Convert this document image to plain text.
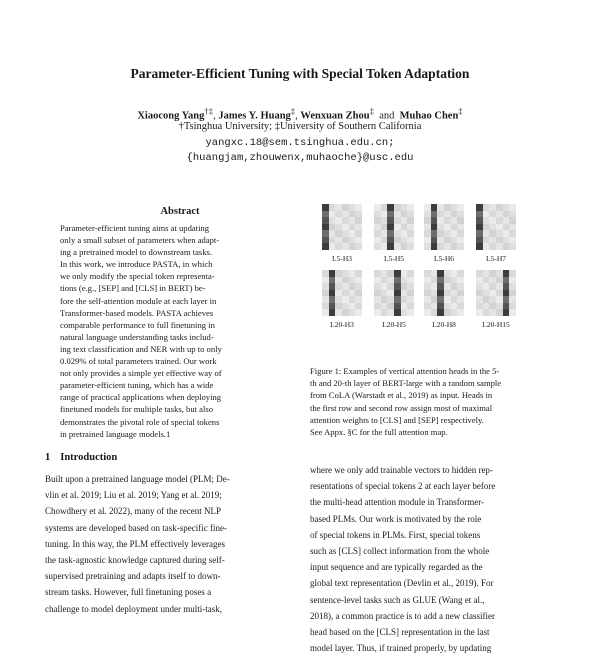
Parameter-Efficient Tuning with Special Token Adaptation
Xiaocong Yang†‡, James Y. Huang‡, Wenxuan Zhou‡ and Muhao Chen‡
†Tsinghua University; ‡University of Southern California
yangxc.18@sem.tsinghua.edu.cn;
{huangjam,zhouwenx,muhaoche}@usc.edu
Abstract
Parameter-efficient tuning aims at updating
only a small subset of parameters when adapt-
ing a pretrained model to downstream tasks.
In this work, we introduce PASTA, in which
we only modify the special token representa-
tions (e.g., [SEP] and [CLS] in BERT) be-
fore the self-attention module at each layer in
Transformer-based models. PASTA achieves
comparable performance to full finetuning in
natural language understanding tasks includ-
ing text classification and NER with up to only
0.029% of total parameters trained. Our work
not only provides a simple yet effective way of
parameter-efficient tuning, which has a wide
range of practical applications when deploying
finetuned models for multiple tasks, but also
demonstrates the pivotal role of special tokens
in pretrained language models.1
1 Introduction
Built upon a pretrained language model (PLM; De-
vlin et al. 2019; Liu et al. 2019; Yang et al. 2019;
Chowdhery et al. 2022), many of the recent NLP
systems are developed based on task-specific fine-
tuning. In this way, the PLM effectively leverages
the task-agnostic knowledge captured during self-
supervised pretraining and adapts itself to down-
stream tasks. However, full finetuning poses a
challenge to model deployment under multi-task,
L5-H3	L5-H5	L5-H6	L5-H7
L20-H3	L20-H5	L20-H8	L20-H15
Figure 1: Examples of vertical attention heads in the 5-
th and 20-th layer of BERT-large with a random sample
from CoLA (Warstadt et al., 2019) as input. Heads in
the first row and second row assign most of maximal
attention weights to [CLS] and [SEP] respectively.
See Appx. §C for the full attention map.
where we only add trainable vectors to hidden rep-
resentations of special tokens 2 at each layer before
the multi-head attention module in Transformer-
based PLMs. Our work is motivated by the role
of special tokens in PLMs. First, special tokens
such as [CLS] collect information from the whole
input sequence and are typically regarded as the
global text representation (Devlin et al., 2019). For
sentence-level tasks such as GLUE (Wang et al.,
2018), a common practice is to add a new classifier
head based on the [CLS] representation in the last
model layer. Thus, if trained properly, by updating
